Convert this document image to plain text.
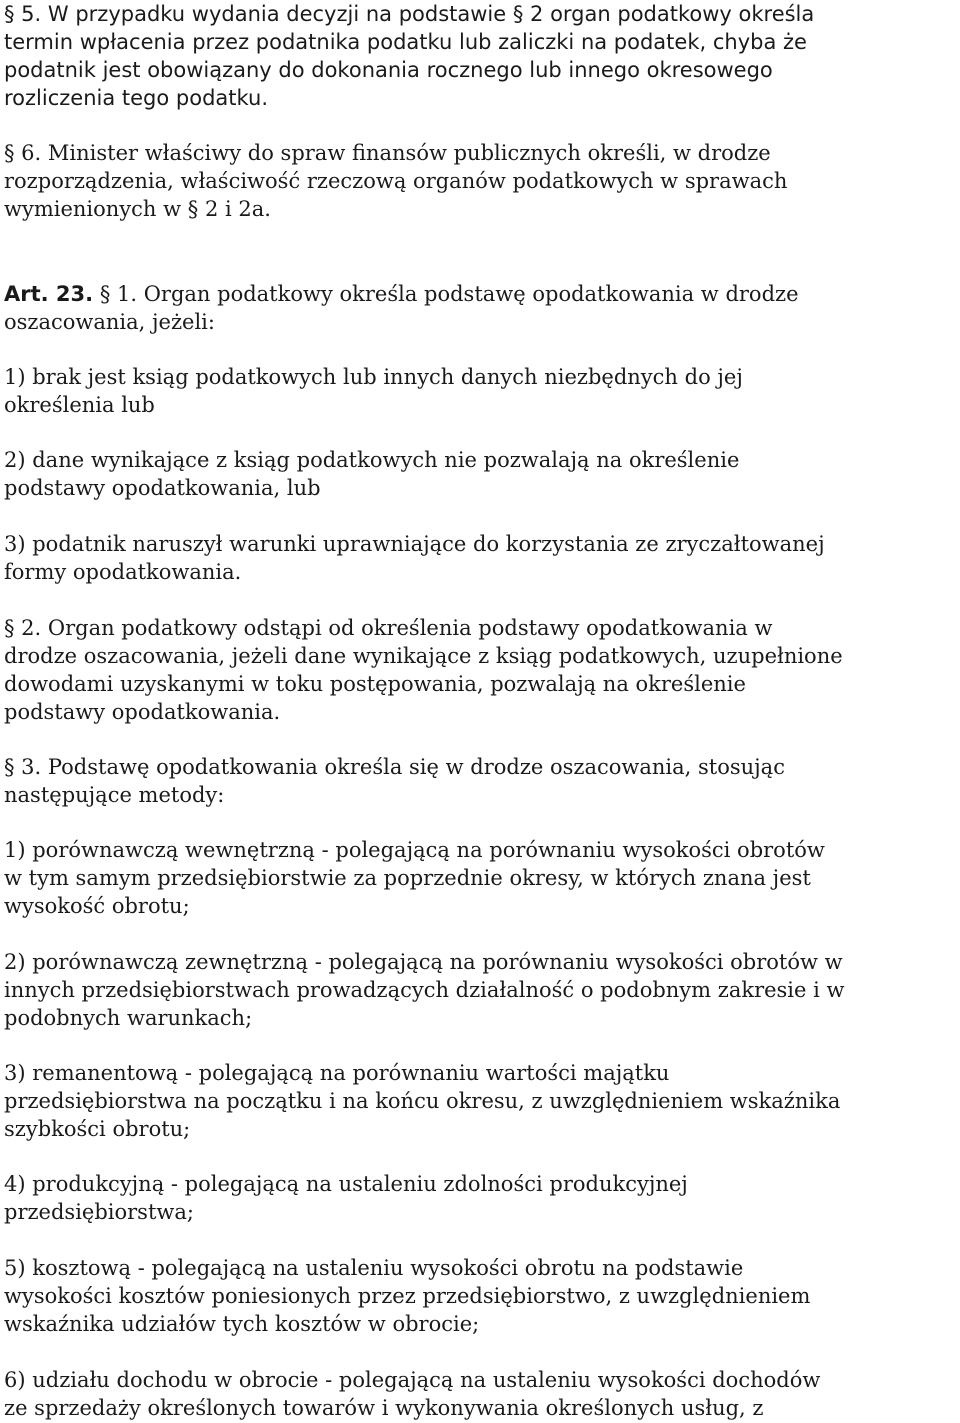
§ 5. W przypadku wydania decyzji na podstawie § 2 organ podatkowy określa
termin wpłacenia przez podatnika podatku lub zaliczki na podatek, chyba że
podatnik jest obowiązany do dokonania rocznego lub innego okresowego
rozliczenia tego podatku.
§ 6. Minister właściwy do spraw finansów publicznych określi, w drodze
rozporządzenia, właściwość rzeczową organów podatkowych w sprawach
wymienionych w § 2 i 2a.
Art. 23. § 1. Organ podatkowy określa podstawę opodatkowania w drodze
oszacowania, jeżeli:
1) brak jest ksiąg podatkowych lub innych danych niezbędnych do jej
określenia lub
2) dane wynikające z ksiąg podatkowych nie pozwalają na określenie
podstawy opodatkowania, lub
3) podatnik naruszył warunki uprawniające do korzystania ze zryczałtowanej
formy opodatkowania.
§ 2. Organ podatkowy odstąpi od określenia podstawy opodatkowania w
drodze oszacowania, jeżeli dane wynikające z ksiąg podatkowych, uzupełnione
dowodami uzyskanymi w toku postępowania, pozwalają na określenie
podstawy opodatkowania.
§ 3. Podstawę opodatkowania określa się w drodze oszacowania, stosując
następujące metody:
1) porównawczą wewnętrzną - polegającą na porównaniu wysokości obrotów
w tym samym przedsiębiorstwie za poprzednie okresy, w których znana jest
wysokość obrotu;
2) porównawczą zewnętrzną - polegającą na porównaniu wysokości obrotów w
innych przedsiębiorstwach prowadzących działalność o podobnym zakresie i w
podobnych warunkach;
3) remanentową - polegającą na porównaniu wartości majątku
przedsiębiorstwa na początku i na końcu okresu, z uwzględnieniem wskaźnika
szybkości obrotu;
4) produkcyjną - polegającą na ustaleniu zdolności produkcyjnej
przedsiębiorstwa;
5) kosztową - polegającą na ustaleniu wysokości obrotu na podstawie
wysokości kosztów poniesionych przez przedsiębiorstwo, z uwzględnieniem
wskaźnika udziałów tych kosztów w obrocie;
6) udziału dochodu w obrocie - polegającą na ustaleniu wysokości dochodów
ze sprzedaży określonych towarów i wykonywania określonych usług, z
